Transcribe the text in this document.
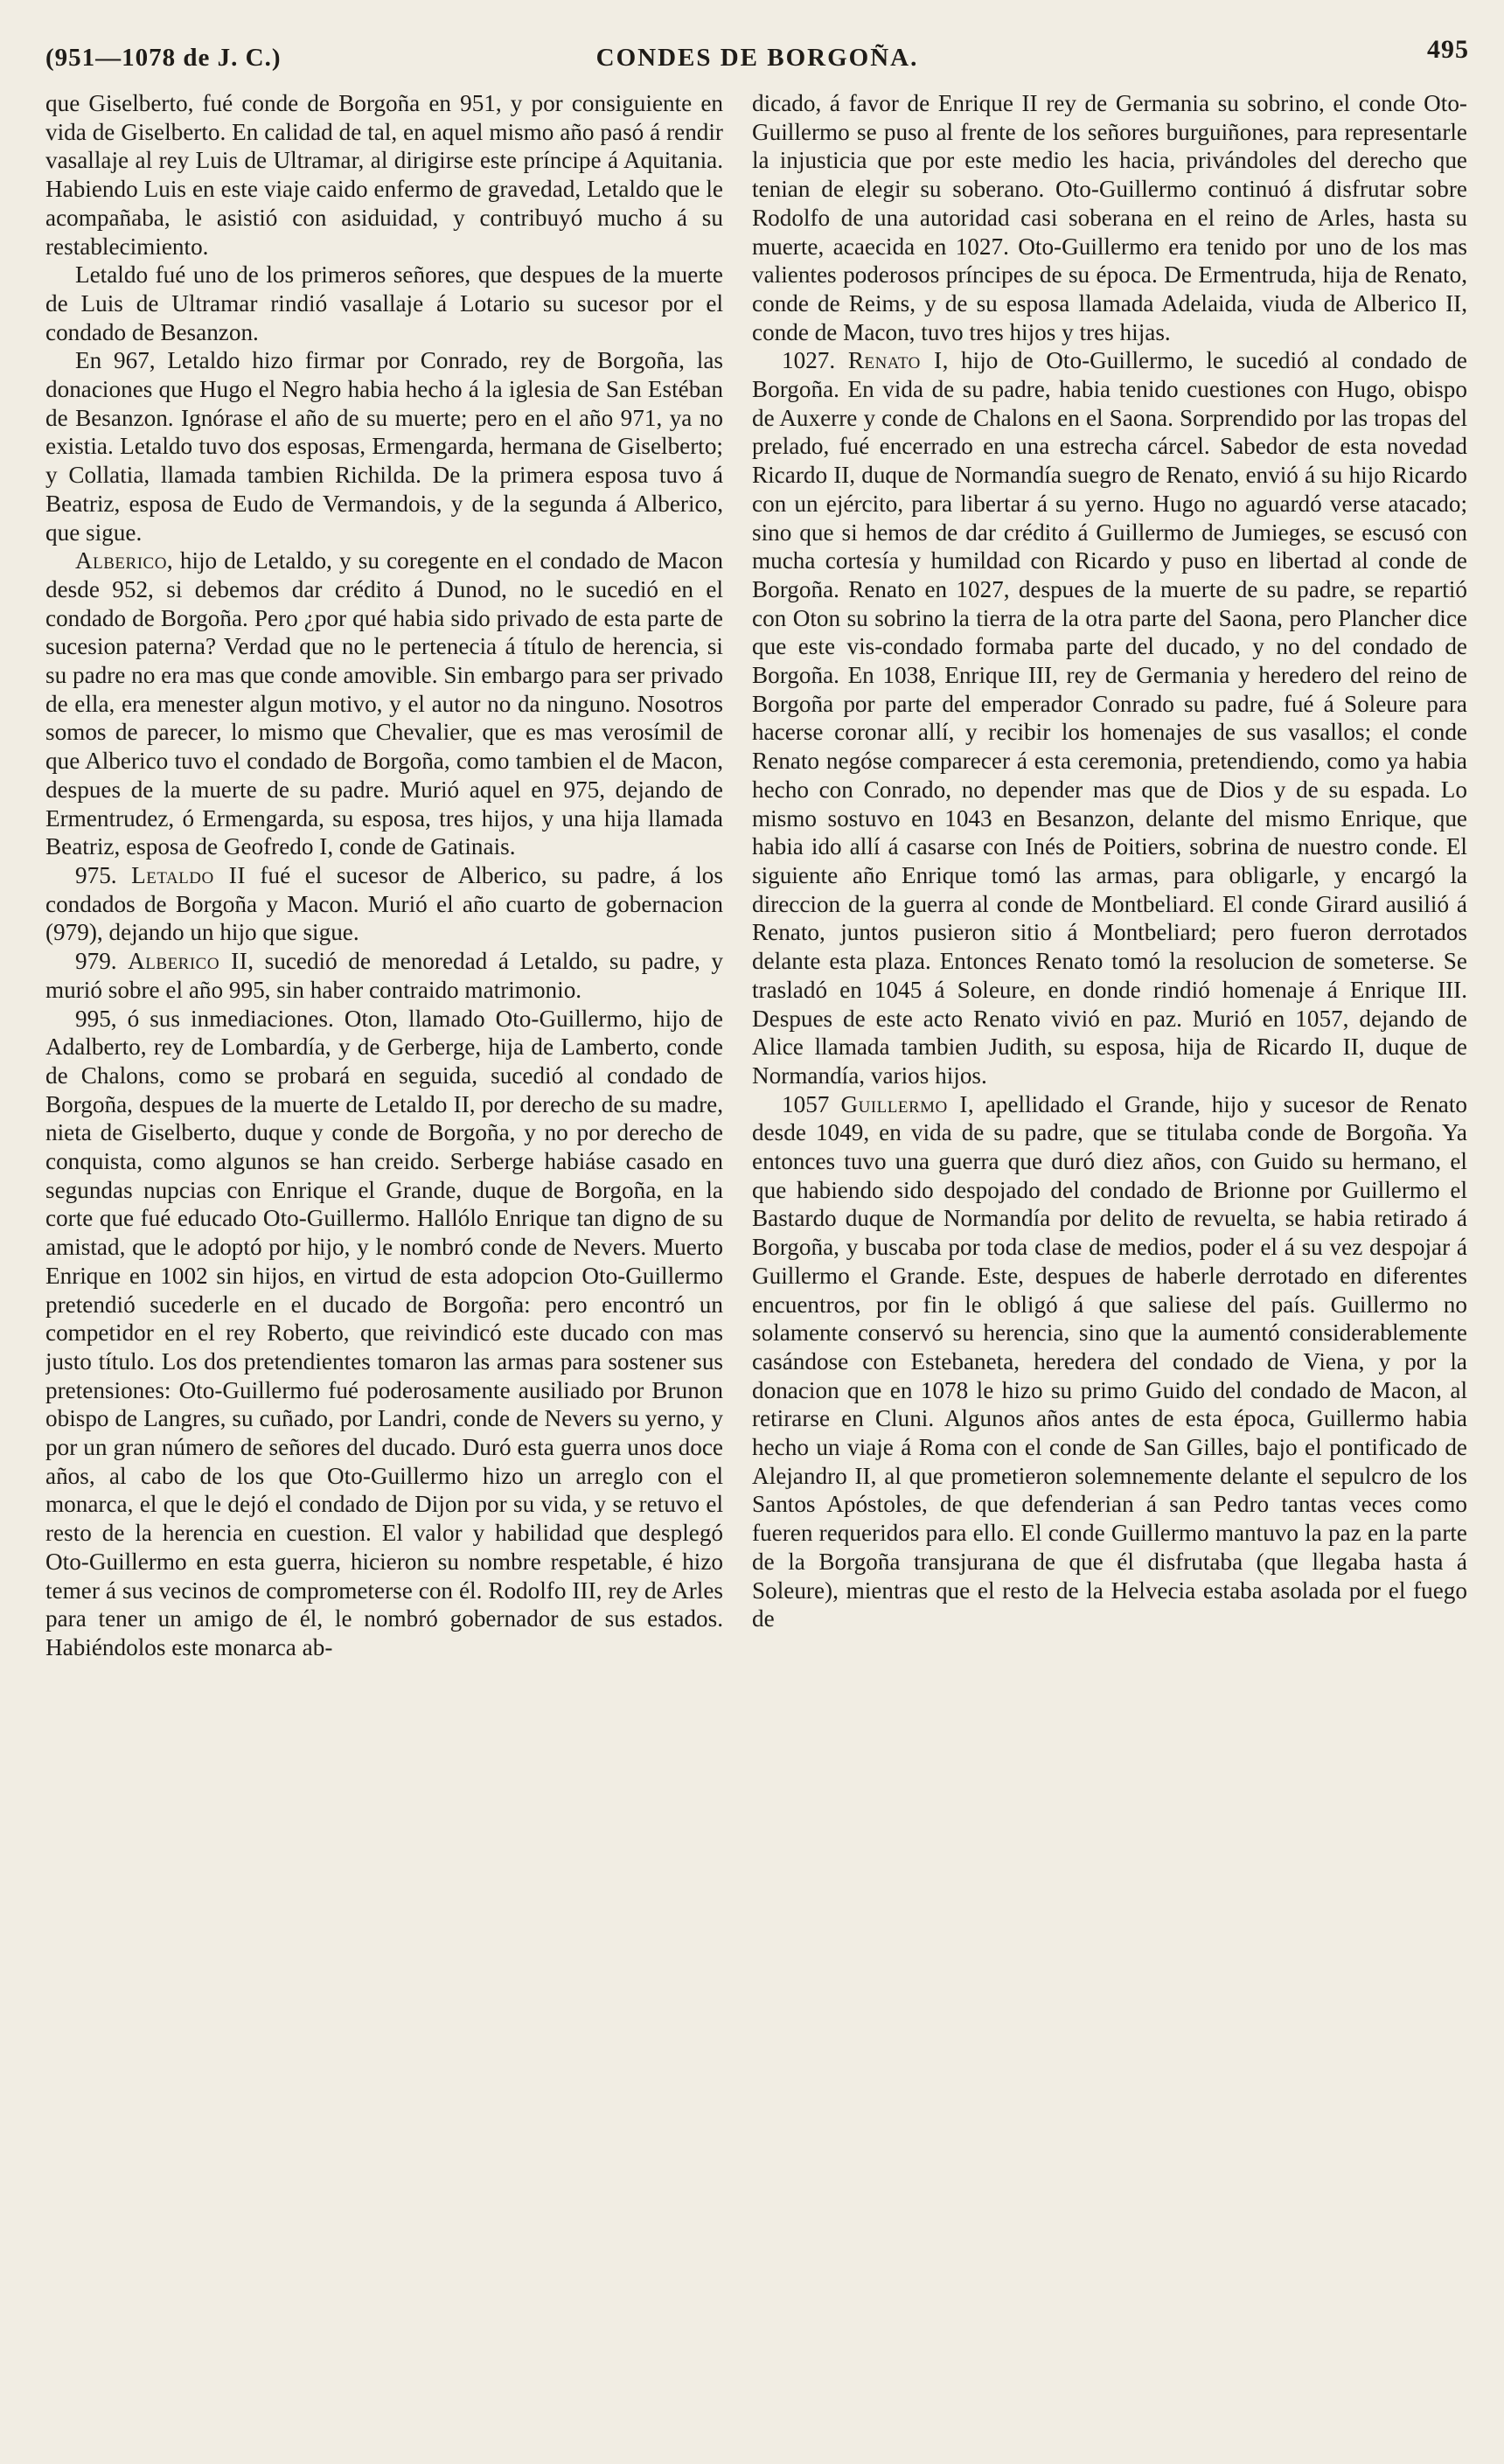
(951—1078 de J. C.)	CONDES DE BORGOÑA.	495

que Giselberto, fué conde de Borgoña en 951, y por consiguiente en vida de Giselberto. En calidad de tal, en aquel mismo año pasó á rendir vasallaje al rey Luis de Ultramar, al dirigirse este príncipe á Aquitania. Habiendo Luis en este viaje caido enfermo de gravedad, Letaldo que le acompañaba, le asistió con asiduidad, y contribuyó mucho á su restablecimiento.

Letaldo fué uno de los primeros señores, que despues de la muerte de Luis de Ultramar rindió vasallaje á Lotario su sucesor por el condado de Besanzon.

En 967, Letaldo hizo firmar por Conrado, rey de Borgoña, las donaciones que Hugo el Negro habia hecho á la iglesia de San Estéban de Besanzon. Ignórase el año de su muerte; pero en el año 971, ya no existia. Letaldo tuvo dos esposas, Ermengarda, hermana de Giselberto; y Collatia, llamada tambien Richilda. De la primera esposa tuvo á Beatriz, esposa de Eudo de Vermandois, y de la segunda á Alberico, que sigue.

Alberico, hijo de Letaldo, y su coregente en el condado de Macon desde 952, si debemos dar crédito á Dunod, no le sucedió en el condado de Borgoña. Pero ¿por qué habia sido privado de esta parte de sucesion paterna? Verdad que no le pertenecia á título de herencia, si su padre no era mas que conde amovible. Sin embargo para ser privado de ella, era menester algun motivo, y el autor no da ninguno. Nosotros somos de parecer, lo mismo que Chevalier, que es mas verosímil de que Alberico tuvo el condado de Borgoña, como tambien el de Macon, despues de la muerte de su padre. Murió aquel en 975, dejando de Ermentrudez, ó Ermengarda, su esposa, tres hijos, y una hija llamada Beatriz, esposa de Geofredo I, conde de Gatinais.

975. Letaldo II fué el sucesor de Alberico, su padre, á los condados de Borgoña y Macon. Murió el año cuarto de gobernacion (979), dejando un hijo que sigue.

979. Alberico II, sucedió de menoredad á Letaldo, su padre, y murió sobre el año 995, sin haber contraido matrimonio.

995, ó sus inmediaciones. Oton, llamado Oto-Guillermo, hijo de Adalberto, rey de Lombardía, y de Gerberge, hija de Lamberto, conde de Chalons, como se probará en seguida, sucedió al condado de Borgoña, despues de la muerte de Letaldo II, por derecho de su madre, nieta de Giselberto, duque y conde de Borgoña, y no por derecho de conquista, como algunos se han creido. Serberge habiáse casado en segundas nupcias con Enrique el Grande, duque de Borgoña, en la corte que fué educado Oto-Guillermo. Hallólo Enrique tan digno de su amistad, que le adoptó por hijo, y le nombró conde de Nevers. Muerto Enrique en 1002 sin hijos, en virtud de esta adopcion Oto-Guillermo pretendió sucederle en el ducado de Borgoña: pero encontró un competidor en el rey Roberto, que reivindicó este ducado con mas justo título. Los dos pretendientes tomaron las armas para sostener sus pretensiones: Oto-Guillermo fué poderosamente ausiliado por Brunon obispo de Langres, su cuñado, por Landri, conde de Nevers su yerno, y por un gran número de señores del ducado. Duró esta guerra unos doce años, al cabo de los que Oto-Guillermo hizo un arreglo con el monarca, el que le dejó el condado de Dijon por su vida, y se retuvo el resto de la herencia en cuestion. El valor y habilidad que desplegó Oto-Guillermo en esta guerra, hicieron su nombre respetable, é hizo temer á sus vecinos de comprometerse con él. Rodolfo III, rey de Arles para tener un amigo de él, le nombró gobernador de sus estados. Habiéndolos este monarca ab-

dicado, á favor de Enrique II rey de Germania su sobrino, el conde Oto-Guillermo se puso al frente de los señores burguiñones, para representarle la injusticia que por este medio les hacia, privándoles del derecho que tenian de elegir su soberano. Oto-Guillermo continuó á disfrutar sobre Rodolfo de una autoridad casi soberana en el reino de Arles, hasta su muerte, acaecida en 1027. Oto-Guillermo era tenido por uno de los mas valientes poderosos príncipes de su época. De Ermentruda, hija de Renato, conde de Reims, y de su esposa llamada Adelaida, viuda de Alberico II, conde de Macon, tuvo tres hijos y tres hijas.

1027. Renato I, hijo de Oto-Guillermo, le sucedió al condado de Borgoña. En vida de su padre, habia tenido cuestiones con Hugo, obispo de Auxerre y conde de Chalons en el Saona. Sorprendido por las tropas del prelado, fué encerrado en una estrecha cárcel. Sabedor de esta novedad Ricardo II, duque de Normandía suegro de Renato, envió á su hijo Ricardo con un ejército, para libertar á su yerno. Hugo no aguardó verse atacado; sino que si hemos de dar crédito á Guillermo de Jumieges, se escusó con mucha cortesía y humildad con Ricardo y puso en libertad al conde de Borgoña. Renato en 1027, despues de la muerte de su padre, se repartió con Oton su sobrino la tierra de la otra parte del Saona, pero Plancher dice que este vis-condado formaba parte del ducado, y no del condado de Borgoña. En 1038, Enrique III, rey de Germania y heredero del reino de Borgoña por parte del emperador Conrado su padre, fué á Soleure para hacerse coronar allí, y recibir los homenajes de sus vasallos; el conde Renato negóse comparecer á esta ceremonia, pretendiendo, como ya habia hecho con Conrado, no depender mas que de Dios y de su espada. Lo mismo sostuvo en 1043 en Besanzon, delante del mismo Enrique, que habia ido allí á casarse con Inés de Poitiers, sobrina de nuestro conde. El siguiente año Enrique tomó las armas, para obligarle, y encargó la direccion de la guerra al conde de Montbeliard. El conde Girard ausilió á Renato, juntos pusieron sitio á Montbeliard; pero fueron derrotados delante esta plaza. Entonces Renato tomó la resolucion de someterse. Se trasladó en 1045 á Soleure, en donde rindió homenaje á Enrique III. Despues de este acto Renato vivió en paz. Murió en 1057, dejando de Alice llamada tambien Judith, su esposa, hija de Ricardo II, duque de Normandía, varios hijos.

1057 Guillermo I, apellidado el Grande, hijo y sucesor de Renato desde 1049, en vida de su padre, que se titulaba conde de Borgoña. Ya entonces tuvo una guerra que duró diez años, con Guido su hermano, el que habiendo sido despojado del condado de Brionne por Guillermo el Bastardo duque de Normandía por delito de revuelta, se habia retirado á Borgoña, y buscaba por toda clase de medios, poder el á su vez despojar á Guillermo el Grande. Este, despues de haberle derrotado en diferentes encuentros, por fin le obligó á que saliese del país. Guillermo no solamente conservó su herencia, sino que la aumentó considerablemente casándose con Estebaneta, heredera del condado de Viena, y por la donacion que en 1078 le hizo su primo Guido del condado de Macon, al retirarse en Cluni. Algunos años antes de esta época, Guillermo habia hecho un viaje á Roma con el conde de San Gilles, bajo el pontificado de Alejandro II, al que prometieron solemnemente delante el sepulcro de los Santos Apóstoles, de que defenderian á san Pedro tantas veces como fueren requeridos para ello. El conde Guillermo mantuvo la paz en la parte de la Borgoña transjurana de que él disfrutaba (que llegaba hasta á Soleure), mientras que el resto de la Helvecia estaba asolada por el fuego de
